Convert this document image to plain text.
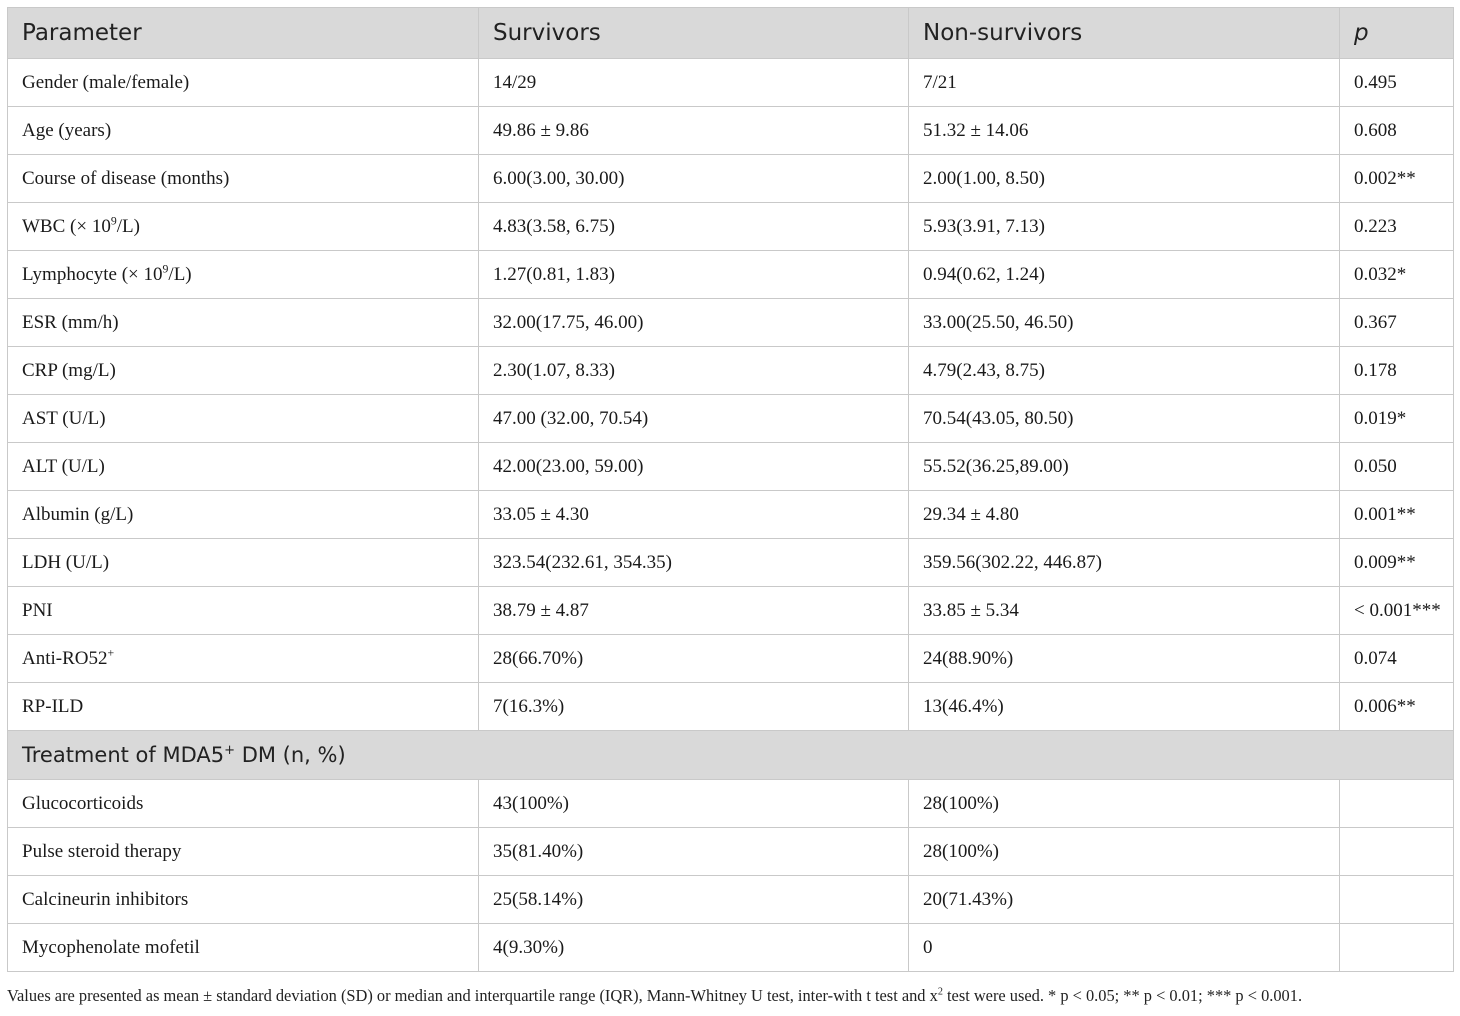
Parameter	Survivors	Non-survivors	p
Gender (male/female)	14/29	7/21	0.495
Age (years)	49.86 ± 9.86	51.32 ± 14.06	0.608
Course of disease (months)	6.00(3.00, 30.00)	2.00(1.00, 8.50)	0.002**
WBC (× $10^9/L$)	4.83(3.58, 6.75)	5.93(3.91, 7.13)	0.223
Lymphocyte (× $10^9/L$)	1.27(0.81, 1.83)	0.94(0.62, 1.24)	0.032*
ESR (mm/h)	32.00(17.75, 46.00)	33.00(25.50, 46.50)	0.367
CRP (mg/L)	2.30(1.07, 8.33)	4.79(2.43, 8.75)	0.178
AST (U/L)	47.00 (32.00, 70.54)	70.54(43.05, 80.50)	0.019*
ALT (U/L)	42.00(23.00, 59.00)	55.52(36.25,89.00)	0.050
Albumin (g/L)	33.05 ± 4.30	29.34 ± 4.80	0.001**
LDH (U/L)	323.54(232.61, 354.35)	359.56(302.22, 446.87)	0.009**
PNI	38.79 ± 4.87	33.85 ± 5.34	< 0.001***
Anti-RO52+	28(66.70%)	24(88.90%)	0.074
RP-ILD	7(16.3%)	13(46.4%)	0.006**
Treatment of MDA5+ DM (n, %)			
Glucocorticoids	43(100%)	28(100%)	
Pulse steroid therapy	35(81.40%)	28(100%)	
Calcineurin inhibitors	25(58.14%)	20(71.43%)	
Mycophenolate mofetil	4(9.30%)	0	
Values are presented as mean ± standard deviation (SD) or median and interquartile range (IQR), Mann-Whitney U test, inter-with t test and $x^2$ test were used. * p < 0.05; ** p < 0.01; *** p < 0.001.
